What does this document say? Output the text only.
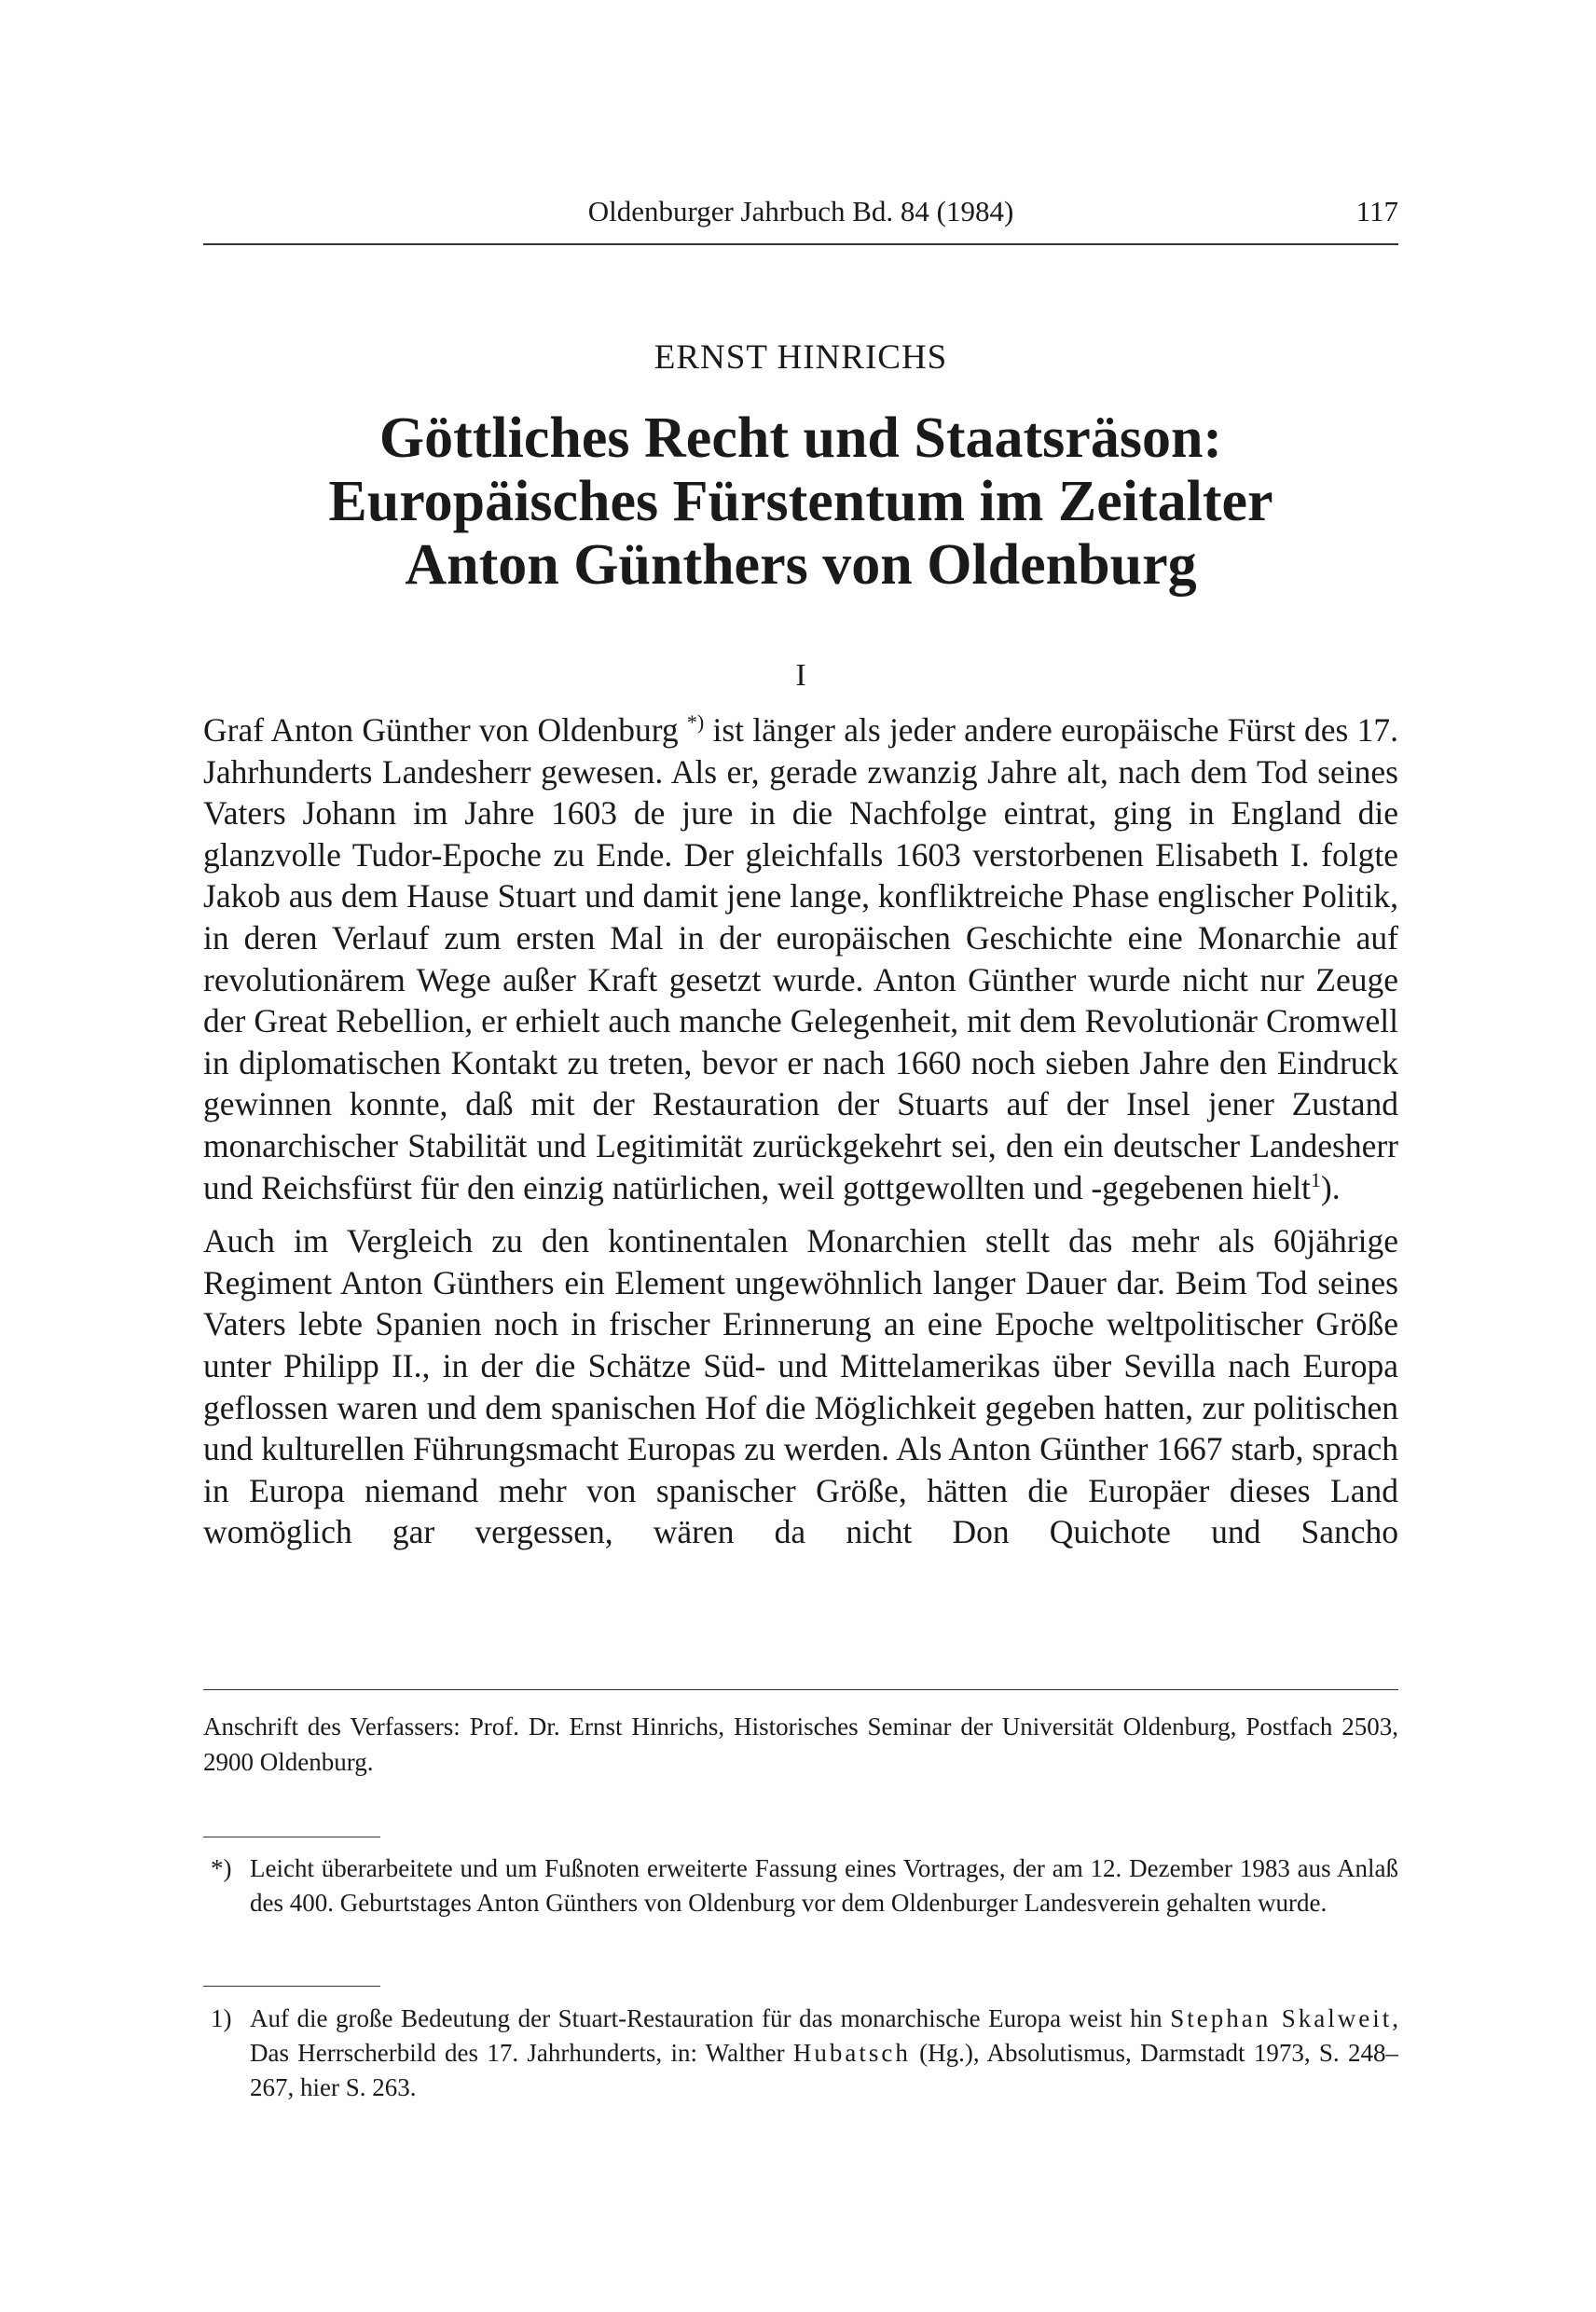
Oldenburger Jahrbuch Bd. 84 (1984)	117
ERNST HINRICHS
Göttliches Recht und Staatsräson:
Europäisches Fürstentum im Zeitalter
Anton Günthers von Oldenburg
I

Graf Anton Günther von Oldenburg *) ist länger als jeder andere europäische Fürst des 17. Jahrhunderts Landesherr gewesen. Als er, gerade zwanzig Jahre alt, nach dem Tod seines Vaters Johann im Jahre 1603 de jure in die Nachfolge eintrat, ging in England die glanzvolle Tudor-Epoche zu Ende. Der gleichfalls 1603 verstorbenen Elisabeth I. folgte Jakob aus dem Hause Stuart und damit jene lange, konfliktreiche Phase englischer Politik, in deren Verlauf zum ersten Mal in der europäischen Geschichte eine Monarchie auf revolutionärem Wege außer Kraft gesetzt wurde. Anton Günther wurde nicht nur Zeuge der Great Rebellion, er erhielt auch manche Gelegenheit, mit dem Revolutionär Cromwell in diplomatischen Kontakt zu treten, bevor er nach 1660 noch sieben Jahre den Eindruck gewinnen konnte, daß mit der Restauration der Stuarts auf der Insel jener Zustand monarchischer Stabilität und Legitimität zurückgekehrt sei, den ein deutscher Landesherr und Reichsfürst für den einzig natürlichen, weil gottgewollten und -gegebenen hielt$^1$).

Auch im Vergleich zu den kontinentalen Monarchien stellt das mehr als 60jährige Regiment Anton Günthers ein Element ungewöhnlich langer Dauer dar. Beim Tod seines Vaters lebte Spanien noch in frischer Erinnerung an eine Epoche weltpolitischer Größe unter Philipp II., in der die Schätze Süd- und Mittelamerikas über Sevilla nach Europa geflossen waren und dem spanischen Hof die Möglichkeit gegeben hatten, zur politischen und kulturellen Führungsmacht Europas zu werden. Als Anton Günther 1667 starb, sprach in Europa niemand mehr von spanischer Größe, hätten die Europäer dieses Land womöglich gar vergessen, wären da nicht Don Quichote und Sancho

Anschrift des Verfassers: Prof. Dr. Ernst Hinrichs, Historisches Seminar der Universität Oldenburg, Postfach 2503, 2900 Oldenburg.
*) Leicht überarbeitete und um Fußnoten erweiterte Fassung eines Vortrages, der am 12. Dezember 1983 aus Anlaß des 400. Geburtstages Anton Günthers von Oldenburg vor dem Oldenburger Landesverein gehalten wurde.
1) Auf die große Bedeutung der Stuart-Restauration für das monarchische Europa weist hin Stephan Skalweit, Das Herrscherbild des 17. Jahrhunderts, in: Walther Hubatsch (Hg.), Absolutismus, Darmstadt 1973, S. 248–267, hier S. 263.
